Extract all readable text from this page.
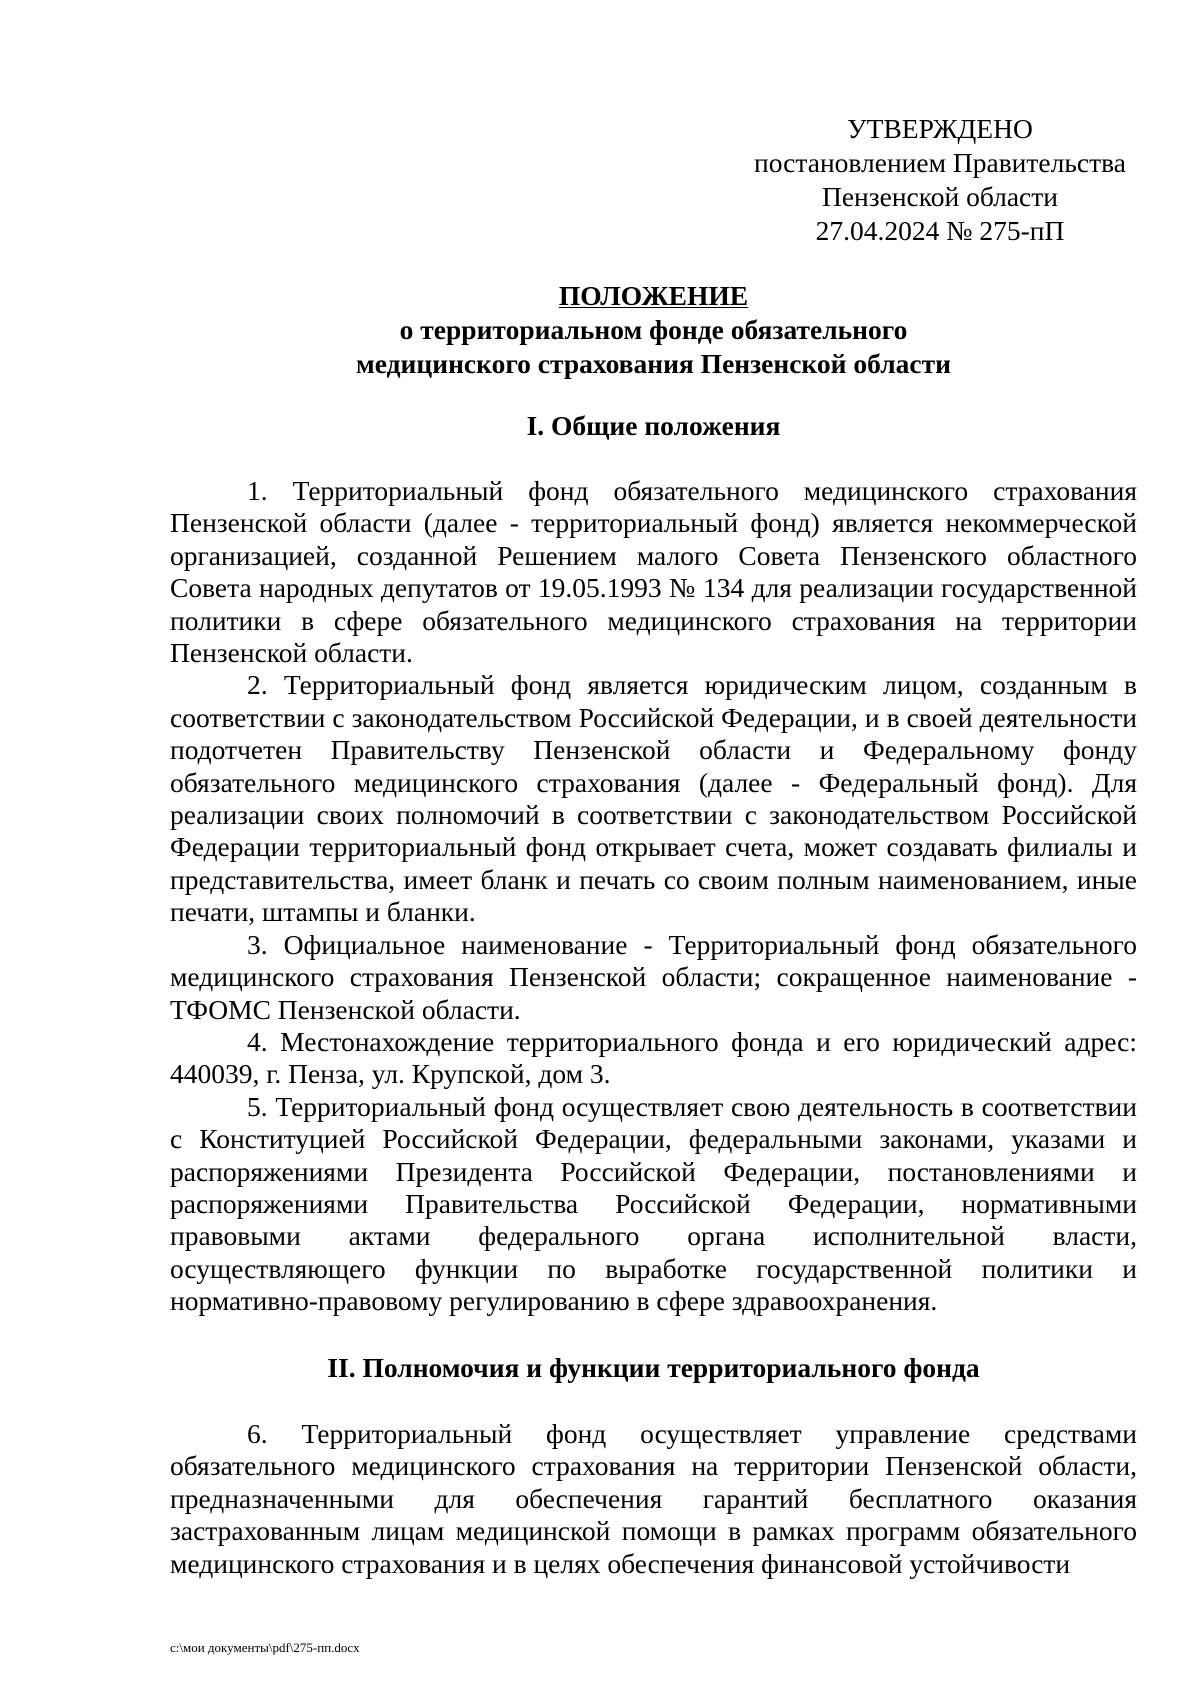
УТВЕРЖДЕНО
постановлением Правительства
Пензенской области
27.04.2024 № 275-пП
ПОЛОЖЕНИЕ
о территориальном фонде обязательного
медицинского страхования Пензенской области
I. Общие положения

1. Территориальный фонд обязательного медицинского страхования Пензенской области (далее - территориальный фонд) является некоммерческой организацией, созданной Решением малого Совета Пензенского областного Совета народных депутатов от 19.05.1993 № 134 для реализации государственной политики в сфере обязательного медицинского страхования на территории Пензенской области.

2. Территориальный фонд является юридическим лицом, созданным в соответствии с законодательством Российской Федерации, и в своей деятельности подотчетен Правительству Пензенской области и Федеральному фонду обязательного медицинского страхования (далее - Федеральный фонд). Для реализации своих полномочий в соответствии с законодательством Российской Федерации территориальный фонд открывает счета, может создавать филиалы и представительства, имеет бланк и печать со своим полным наименованием, иные печати, штампы и бланки.

3. Официальное наименование - Территориальный фонд обязательного медицинского страхования Пензенской области; сокращенное наименование - ТФОМС Пензенской области.

4. Местонахождение территориального фонда и его юридический адрес: 440039, г. Пенза, ул. Крупской, дом 3.

5. Территориальный фонд осуществляет свою деятельность в соответствии с Конституцией Российской Федерации, федеральными законами, указами и распоряжениями Президента Российской Федерации, постановлениями и распоряжениями Правительства Российской Федерации, нормативными правовыми актами федерального органа исполнительной власти, осуществляющего функции по выработке государственной политики и нормативно-правовому регулированию в сфере здравоохранения.

II. Полномочия и функции территориального фонда

6. Территориальный фонд осуществляет управление средствами обязательного медицинского страхования на территории Пензенской области, предназначенными для обеспечения гарантий бесплатного оказания застрахованным лицам медицинской помощи в рамках программ обязательного медицинского страхования и в целях обеспечения финансовой устойчивости

c:\мои документы\pdf\275-пп.docx
